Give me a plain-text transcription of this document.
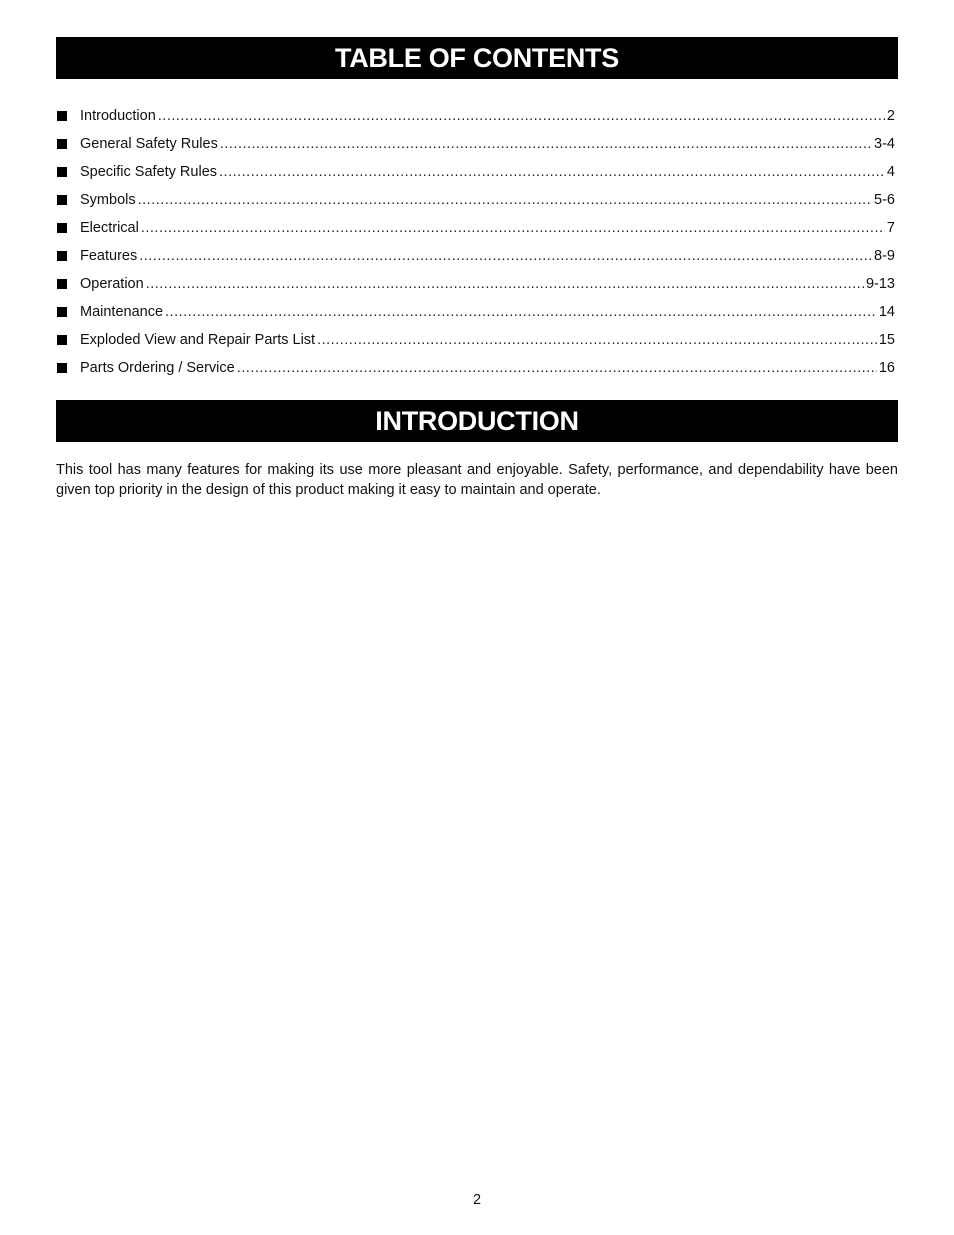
TABLE OF CONTENTS
Introduction .....	2
General Safety Rules .....	3-4
Specific Safety Rules .....	4
Symbols .....	5-6
Electrical .....	7
Features .....	8-9
Operation .....	9-13
Maintenance .....	14
Exploded View and Repair Parts List .....	15
Parts Ordering / Service .....	16
INTRODUCTION

This tool has many features for making its use more pleasant and enjoyable. Safety, performance, and dependability have been given top priority in the design of this product making it easy to maintain and operate.

2
